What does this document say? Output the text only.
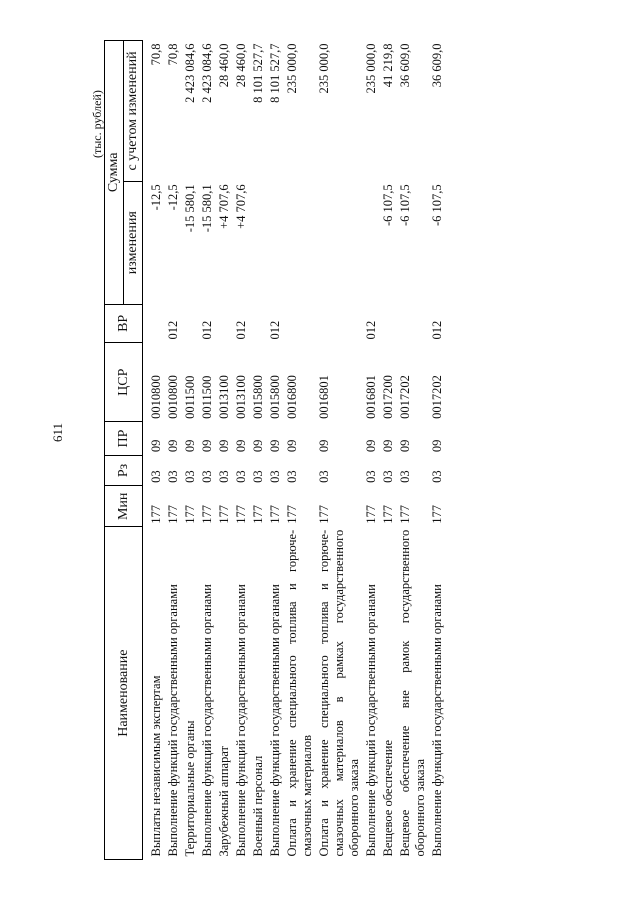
611
(тыс. рублей)
Наименование	Мин	Рз	ПР	ЦСР	ВР	Сумма	
						изменения	с учетом изменений
Выплаты независимым экспертам	177	03	09	0010800		-12,5	70,8
Выполнение функций государственными органами	177	03	09	0010800	012	-12,5	70,8
Территориальные органы	177	03	09	0011500		-15 580,1	2 423 084,6
Выполнение функций государственными органами	177	03	09	0011500	012	-15 580,1	2 423 084,6
Зарубежный аппарат	177	03	09	0013100		+4 707,6	28 460,0
Выполнение функций государственными органами	177	03	09	0013100	012	+4 707,6	28 460,0
Военный персонал	177	03	09	0015800			8 101 527,7
Выполнение функций государственными органами	177	03	09	0015800	012		8 101 527,7
Оплата и хранение специального топлива и горюче-смазочных материалов	177	03	09	0016800			235 000,0
Оплата и хранение специального топлива и горюче-смазочных материалов в рамках государственного оборонного заказа	177	03	09	0016801			235 000,0
Выполнение функций государственными органами	177	03	09	0016801	012		235 000,0
Вещевое обеспечение	177	03	09	0017200		-6 107,5	41 219,8
Вещевое обеспечение вне рамок государственного оборонного заказа	177	03	09	0017202		-6 107,5	36 609,0
Выполнение функций государственными органами	177	03	09	0017202	012	-6 107,5	36 609,0
